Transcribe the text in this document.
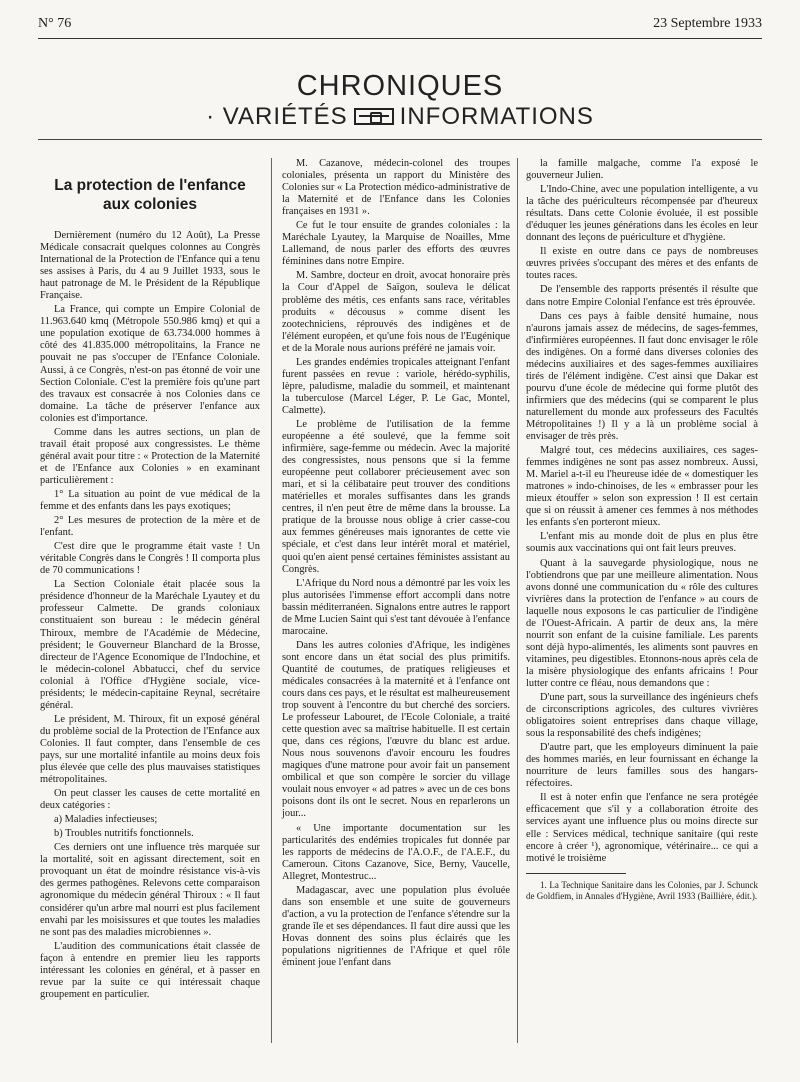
N° 76	23 Septembre 1933
CHRONIQUES
· VARIÉTÉS INFORMATIONS
La protection de l'enfance aux colonies

Dernièrement (numéro du 12 Août), La Presse Médicale consacrait quelques colonnes au Congrès International de la Protection de l'Enfance qui a tenu ses assises à Paris, du 4 au 9 Juillet 1933, sous le haut patronage de M. le Président de la République Française.

La France, qui compte un Empire Colonial de 11.963.640 kmq (Métropole 550.986 kmq) et qui a une population exotique de 63.734.000 hommes à côté des 41.835.000 métropolitains, la France ne pouvait ne pas s'occuper de l'Enfance Coloniale. Aussi, à ce Congrès, n'est-on pas étonné de voir une Section Coloniale. C'est la première fois qu'une part des travaux est consacrée à nos Colonies dans ce domaine. La tâche de préserver l'enfance aux colonies est d'importance.

Comme dans les autres sections, un plan de travail était proposé aux congressistes. Le thème général avait pour titre : « Protection de la Maternité et de l'Enfance aux Colonies » en examinant particulièrement :

1° La situation au point de vue médical de la femme et des enfants dans les pays exotiques;

2° Les mesures de protection de la mère et de l'enfant.

C'est dire que le programme était vaste ! Un véritable Congrès dans le Congrès ! Il comporta plus de 70 communications !

La Section Coloniale était placée sous la présidence d'honneur de la Maréchale Lyautey et du professeur Calmette. De grands coloniaux constituaient son bureau : le médecin général Thiroux, membre de l'Académie de Médecine, président; le Gouverneur Blanchard de la Brosse, directeur de l'Agence Economique de l'Indochine, et le médecin-colonel Abbatucci, chef du service colonial à l'Office d'Hygiène sociale, vice-présidents; le médecin-capitaine Reynal, secrétaire général.

Le président, M. Thiroux, fit un exposé général du problème social de la Protection de l'Enfance aux Colonies. Il faut compter, dans l'ensemble de ces pays, sur une mortalité infantile au moins deux fois plus élevée que celle des plus mauvaises statistiques métropolitaines.

On peut classer les causes de cette mortalité en deux catégories :

a) Maladies infectieuses;

b) Troubles nutritifs fonctionnels.

Ces derniers ont une influence très marquée sur la mortalité, soit en agissant directement, soit en provoquant un état de moindre résistance vis-à-vis des germes pathogènes. Relevons cette comparaison agronomique du médecin général Thiroux : « Il faut considérer qu'un arbre mal nourri est plus facilement envahi par les moisissures et que toutes les maladies ne sont pas des maladies microbiennes ».

L'audition des communications était classée de façon à entendre en premier lieu les rapports intéressant les colonies en général, et à passer en revue par la suite ce qui intéressait chaque groupement en particulier.

M. Cazanove, médecin-colonel des troupes coloniales, présenta un rapport du Ministère des Colonies sur « La Protection médico-administrative de la Maternité et de l'Enfance dans les Colonies françaises en 1931 ».

Ce fut le tour ensuite de grandes coloniales : la Maréchale Lyautey, la Marquise de Noailles, Mme Lallemand, de nous parler des efforts des œuvres féminines dans notre Empire.

M. Sambre, docteur en droit, avocat honoraire près la Cour d'Appel de Saïgon, souleva le délicat problème des métis, ces enfants sans race, véritables produits « décousus » comme disent les zootechniciens, réprouvés des indigènes et de l'élément européen, et qu'une fois nous de l'Eugénique et de la Morale nous aurions préféré ne jamais voir.

Les grandes endémies tropicales atteignant l'enfant furent passées en revue : variole, hérédo-syphilis, lèpre, paludisme, maladie du sommeil, et maintenant la tuberculose (Marcel Léger, P. Le Gac, Montel, Calmette).

Le problème de l'utilisation de la femme européenne a été soulevé, que la femme soit infirmière, sage-femme ou médecin. Avec la majorité des congressistes, nous pensons que si la femme européenne peut collaborer précieusement avec son mari, et si la célibataire peut trouver des conditions matérielles et morales suffisantes dans les grands centres, il n'en peut être de même dans la brousse. La pratique de la brousse nous oblige à crier casse-cou aux femmes généreuses mais ignorantes de cette vie spéciale, et c'est dans leur intérêt moral et matériel, quoi qu'en aient pensé certaines féministes assistant au Congrès.

L'Afrique du Nord nous a démontré par les voix les plus autorisées l'immense effort accompli dans notre bassin méditerranéen. Signalons entre autres le rapport de Mme Lucien Saint qui s'est tant dévouée à l'enfance marocaine.

Dans les autres colonies d'Afrique, les indigènes sont encore dans un état social des plus primitifs. Quantité de coutumes, de pratiques religieuses et médicales consacrées à la maternité et à l'enfance ont cours dans ces pays, et le résultat est malheureusement trop souvent à l'encontre du but cherché des sorciers. Le professeur Labouret, de l'Ecole Coloniale, a traité cette question avec sa maîtrise habituelle. Il est certain que, dans ces régions, l'œuvre du blanc est ardue. Nous nous souvenons d'avoir encouru les foudres magiques d'une matrone pour avoir fait un pansement ombilical et que son compère le sorcier du village voulait nous envoyer « ad patres » avec un de ces bons poisons dont ils ont le secret. Nous en reparlerons un jour...

« Une importante documentation sur les particularités des endémies tropicales fut donnée par les rapports de médecins de l'A.O.F., de l'A.E.F., du Cameroun. Citons Cazanove, Sice, Berny, Vaucelle, Allegret, Montestruc...

Madagascar, avec une population plus évoluée dans son ensemble et une suite de gouverneurs d'action, a vu la protection de l'enfance s'étendre sur la grande île et ses dépendances. Il faut dire aussi que les Hovas donnent des soins plus éclairés que les populations nigritiennes de l'Afrique et quel rôle éminent joue l'enfant dans

la famille malgache, comme l'a exposé le gouverneur Julien.

L'Indo-Chine, avec une population intelligente, a vu la tâche des puériculteurs récompensée par d'heureux résultats. Dans cette Colonie évoluée, il est possible d'éduquer les jeunes générations dans les écoles en leur donnant des leçons de puériculture et d'hygiène.

Il existe en outre dans ce pays de nombreuses œuvres privées s'occupant des mères et des enfants de toutes races.

De l'ensemble des rapports présentés il résulte que dans notre Empire Colonial l'enfance est très éprouvée.

Dans ces pays à faible densité humaine, nous n'aurons jamais assez de médecins, de sages-femmes, d'infirmières européennes. Il faut donc envisager le rôle des indigènes. On a formé dans diverses colonies des médecins auxiliaires et des sages-femmes auxiliaires tirés de l'élément indigène. C'est ainsi que Dakar est pourvu d'une école de médecine qui forme plutôt des infirmiers que des médecins (qui se comparent le plus naturellement du monde aux professeurs des Facultés Métropolitaines !) Il y a là un problème social à envisager de très près.

Malgré tout, ces médecins auxiliaires, ces sages-femmes indigènes ne sont pas assez nombreux. Aussi, M. Mariel a-t-il eu l'heureuse idée de « domestiquer les matrones » indo-chinoises, de les « embrasser pour les mieux étouffer » selon son expression ! Il est certain que si on réussit à amener ces femmes à nos méthodes les enfants s'en porteront mieux.

L'enfant mis au monde doit de plus en plus être soumis aux vaccinations qui ont fait leurs preuves.

Quant à la sauvegarde physiologique, nous ne l'obtiendrons que par une meilleure alimentation. Nous avons donné une communication du « rôle des cultures vivrières dans la protection de l'enfance » au cours de laquelle nous exposons le cas particulier de l'indigène de l'Ouest-Africain. A partir de deux ans, la mère nourrit son enfant de la cuisine familiale. Les parents sont déjà hypo-alimentés, les aliments sont pauvres en vitamines, peu digestibles. Etonnons-nous après cela de la misère physiologique des enfants africains ! Pour lutter contre ce fléau, nous demandons que :

D'une part, sous la surveillance des ingénieurs chefs de circonscriptions agricoles, des cultures vivrières obligatoires soient entreprises dans chaque village, sous la responsabilité des chefs indigènes;

D'autre part, que les employeurs diminuent la paie des hommes mariés, en leur fournissant en échange la nourriture de leurs familles sous des hangars-réfectoires.

Il est à noter enfin que l'enfance ne sera protégée efficacement que s'il y a collaboration étroite des services ayant une influence plus ou moins directe sur elle : Services médical, technique sanitaire (qui reste encore à créer ¹), agronomique, vétérinaire... ce qui a motivé le troisième

1. La Technique Sanitaire dans les Colonies, par J. Schunck de Goldfiem, in Annales d'Hygiène, Avril 1933 (Baillière, édit.).
